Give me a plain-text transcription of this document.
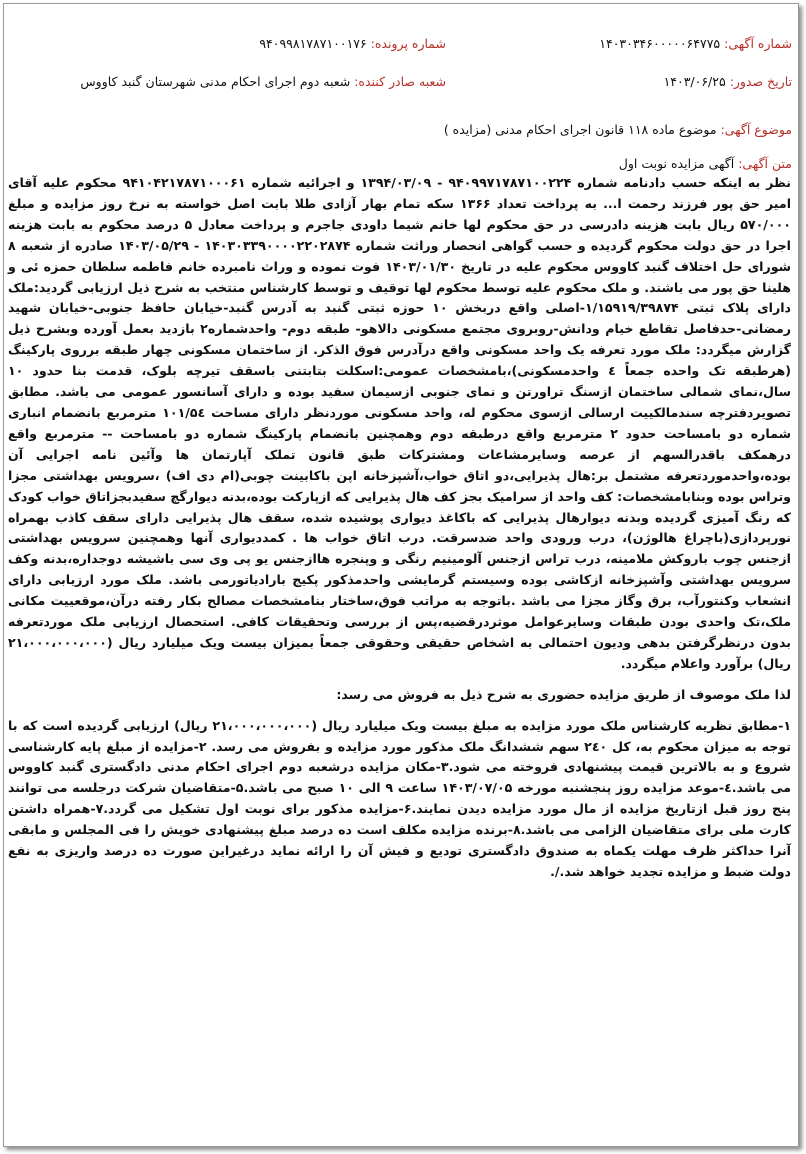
شماره آگهی: ۱۴۰۳۰۳۴۶۰۰۰۰۰۶۴۷۷۵
شماره پرونده: ۹۴۰۹۹۸۱۷۸۷۱۰۰۱۷۶
تاریخ صدور: ۱۴۰۳/۰۶/۲۵
شعبه صادر کننده: شعبه دوم اجرای احکام مدنی شهرستان گنبد کاووس
موضوع آگهی: موضوع ماده ۱۱۸ قانون اجرای احکام مدنی (مزایده )
متن آگهی: آگهی مزایده نوبت اول

نظر به اینکه حسب دادنامه شماره ۹۴۰۹۹۷۱۷۸۷۱۰۰۲۲۴ - ۱۳۹۴/۰۳/۰۹ و اجرائیه شماره ۹۴۱۰۴۲۱۷۸۷۱۰۰۰۶۱ محکوم علیه آقای امیر حق پور فرزند رحمت ا... به پرداخت تعداد ۱۳۶۶ سکه تمام بهار آزادی طلا بابت اصل خواسته به نرخ روز مزایده و مبلغ ۵۷۰/۰۰۰ ریال بابت هزینه دادرسی در حق محکوم لها خانم شیما داودی جاجرم و پرداخت معادل ۵ درصد محکوم به بابت هزینه اجرا در حق دولت محکوم گردیده و حسب گواهی انحصار وراثت شماره ۱۴۰۳۰۳۳۹۰۰۰۰۲۲۰۲۸۷۴ - ۱۴۰۳/۰۵/۲۹ صادره از شعبه ۸ شورای حل اختلاف گنبد کاووس محکوم علیه در تاریخ ۱۴۰۳/۰۱/۳۰ فوت نموده و وراث نامبرده خانم فاطمه سلطان حمزه ئی و هلینا حق پور می باشند. و ملک محکوم علیه توسط محکوم لها توقیف و توسط کارشناس منتخب به شرح ذیل ارزیابی گردید:ملک دارای پلاک ثبتی ۱/۱۵۹۱۹/۳۹۸۷۴-اصلی واقع دربخش ۱۰ حوزه ثبتی گنبد به آدرس گنبد-خیابان حافظ جنوبی-خیابان شهید رمضانی-حدفاصل تقاطع خیام ودانش-روبروی مجتمع مسکونی دالاهو- طبقه دوم- واحدشماره۲ بازدید بعمل آورده وبشرح ذیل گزارش میگردد: ملک مورد تعرفه یک واحد مسکونی واقع درآدرس فوق الذکر. از ساختمان مسکونی چهار طبقه برروی پارکینگ (هرطبقه تک واحده جمعاً ٤ واحدمسکونی)،بامشخصات عمومی:اسکلت بتابتنی باسقف تیرچه بلوک، قدمت بنا حدود ۱۰ سال،نمای شمالی ساختمان ازسنگ تراورتن و نمای جنوبی ازسیمان سفید بوده و دارای آسانسور عمومی می باشد. مطابق تصویردفترچه سندمالکییت ارسالی ازسوی محکوم له، واحد مسکونی موردنظر دارای مساحت ۱۰۱/۵٤ مترمربع بانضمام انباری شماره دو بامساحت حدود ۲ مترمربع واقع درطبقه دوم وهمچنین بانضمام پارکینگ شماره دو بامساحت -- مترمربع واقع درهمکف باقدرالسهم از عرصه وسایرمشاعات ومشترکات طبق قانون تملک آپارتمان ها وآئین نامه اجرایی آن بوده،واحدموردتعرفه مشتمل بر:هال پذیرایی،دو اتاق خواب،آشپزخانه اپن باکابینت چوبی(ام دی اف) ،سرویس بهداشتی مجزا وتراس بوده وبنابامشخصات: کف واحد از سرامیک بجز کف هال پذیرایی که ازپارکت بوده،بدنه دیوارگچ سفیدبجزاتاق خواب کودک که رنگ آمیزی گردیده وبدنه دیوارهال پذیرایی که باکاغذ دیواری پوشیده شده، سقف هال پذیرایی دارای سقف کاذب بهمراه نورپردازی(باچراغ هالوژن)، درب ورودی واحد ضدسرقت. درب اتاق خواب ها . کمددیواری آنها وهمچنین سرویس بهداشتی ازجنس چوب باروکش ملامینه، درب تراس ازجنس آلومینیم رنگی و وپنجره هاازجنس یو پی وی سی باشیشه دوجداره،بدنه وکف سرویس بهداشتی وآشپزخانه ازکاشی بوده وسیستم گرمایشی واحدمذکور پکیج بارادیاتورمی باشد. ملک مورد ارزیابی دارای انشعاب وکنتورآب، برق وگاز مجزا می باشد .باتوجه به مراتب فوق،ساختار بنامشخصات مصالح بکار رفته درآن،موقعییت مکانی ملک،تک واحدی بودن طبقات وسایرعوامل موثردرقضیه،پس از بررسی وتحقیقات کافی. استحصال ارزیابی ملک موردتعرفه بدون درنظرگرفتن بدهی ودیون احتمالی به اشخاص حقیقی وحقوقی جمعاً بمیزان بیست ویک میلیارد ریال (۲۱،۰۰۰،۰۰۰،۰۰۰ ریال) برآورد واعلام میگردد.

لذا ملک موصوف از طریق مزایده حضوری به شرح ذیل به فروش می رسد:

۱-مطابق نظریه کارشناس ملک مورد مزایده به مبلغ بیست ویک میلیارد ریال (۲۱،۰۰۰،۰۰۰،۰۰۰ ریال) ارزیابی گردیده است که با توجه به میزان محکوم به، کل ۲٤۰ سهم ششدانگ ملک مذکور مورد مزایده و بفروش می رسد. ۲-مزایده از مبلغ پایه کارشناسی شروع و به بالاترین قیمت پیشنهادی فروخته می شود.۳-مکان مزایده درشعبه دوم اجرای احکام مدنی دادگستری گنبد کاووس می باشد.٤-موعد مزایده روز پنجشنبه مورخه ۱۴۰۳/۰۷/۰۵ ساعت ۹ الی ۱۰ صبح می باشد.۵-متقاضیان شرکت درجلسه می توانند پنج روز قبل ازتاریخ مزایده از مال مورد مزایده دیدن نمایند.۶-مزایده مذکور برای نوبت اول تشکیل می گردد.۷-همراه داشتن کارت ملی برای متقاضیان الزامی می باشد.۸-برنده مزایده مکلف است ده درصد مبلغ پیشنهادی خویش را فی المجلس و مابقی آنرا حداکثر ظرف مهلت یکماه به صندوق دادگستری تودیع و فیش آن را ارائه نماید درغیراین صورت ده درصد واریزی به نفع دولت ضبط و مزایده تجدید خواهد شد./.
